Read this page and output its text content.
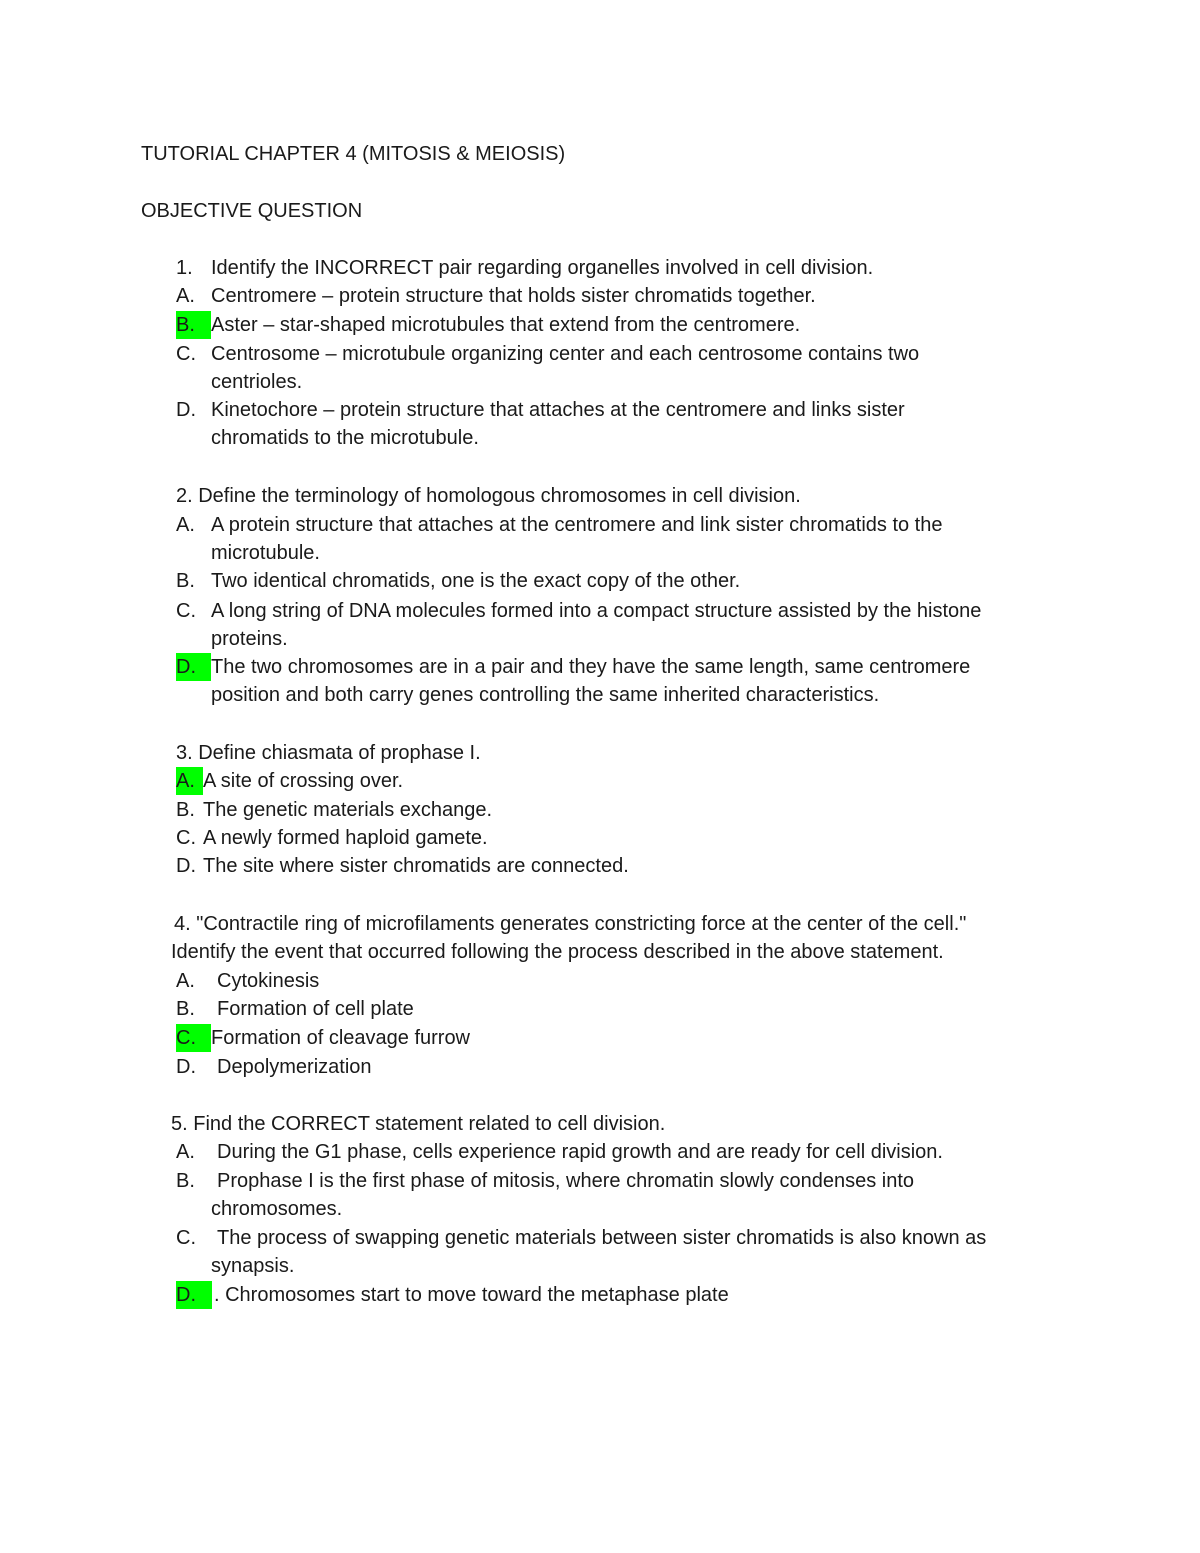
TUTORIAL CHAPTER 4 (MITOSIS & MEIOSIS)
OBJECTIVE QUESTION
1. Identify the INCORRECT pair regarding organelles involved in cell division.
A. Centromere – protein structure that holds sister chromatids together.
B. Aster – star-shaped microtubules that extend from the centromere.
C. Centrosome – microtubule organizing center and each centrosome contains two
centrioles.
D. Kinetochore – protein structure that attaches at the centromere and links sister
chromatids to the microtubule.
2. Define the terminology of homologous chromosomes in cell division.
A. A protein structure that attaches at the centromere and link sister chromatids to the
microtubule.
B. Two identical chromatids, one is the exact copy of the other.
C. A long string of DNA molecules formed into a compact structure assisted by the histone
proteins.
D. The two chromosomes are in a pair and they have the same length, same centromere
position and both carry genes controlling the same inherited characteristics.
3. Define chiasmata of prophase I.
A. A site of crossing over.
B. The genetic materials exchange.
C. A newly formed haploid gamete.
D. The site where sister chromatids are connected.
4. "Contractile ring of microfilaments generates constricting force at the center of the cell."
Identify the event that occurred following the process described in the above statement.
A. Cytokinesis
B. Formation of cell plate
C. Formation of cleavage furrow
D. Depolymerization
5. Find the CORRECT statement related to cell division.
A. During the G1 phase, cells experience rapid growth and are ready for cell division.
B. Prophase I is the first phase of mitosis, where chromatin slowly condenses into
chromosomes.
C. The process of swapping genetic materials between sister chromatids is also known as
synapsis.
D. . Chromosomes start to move toward the metaphase plate
